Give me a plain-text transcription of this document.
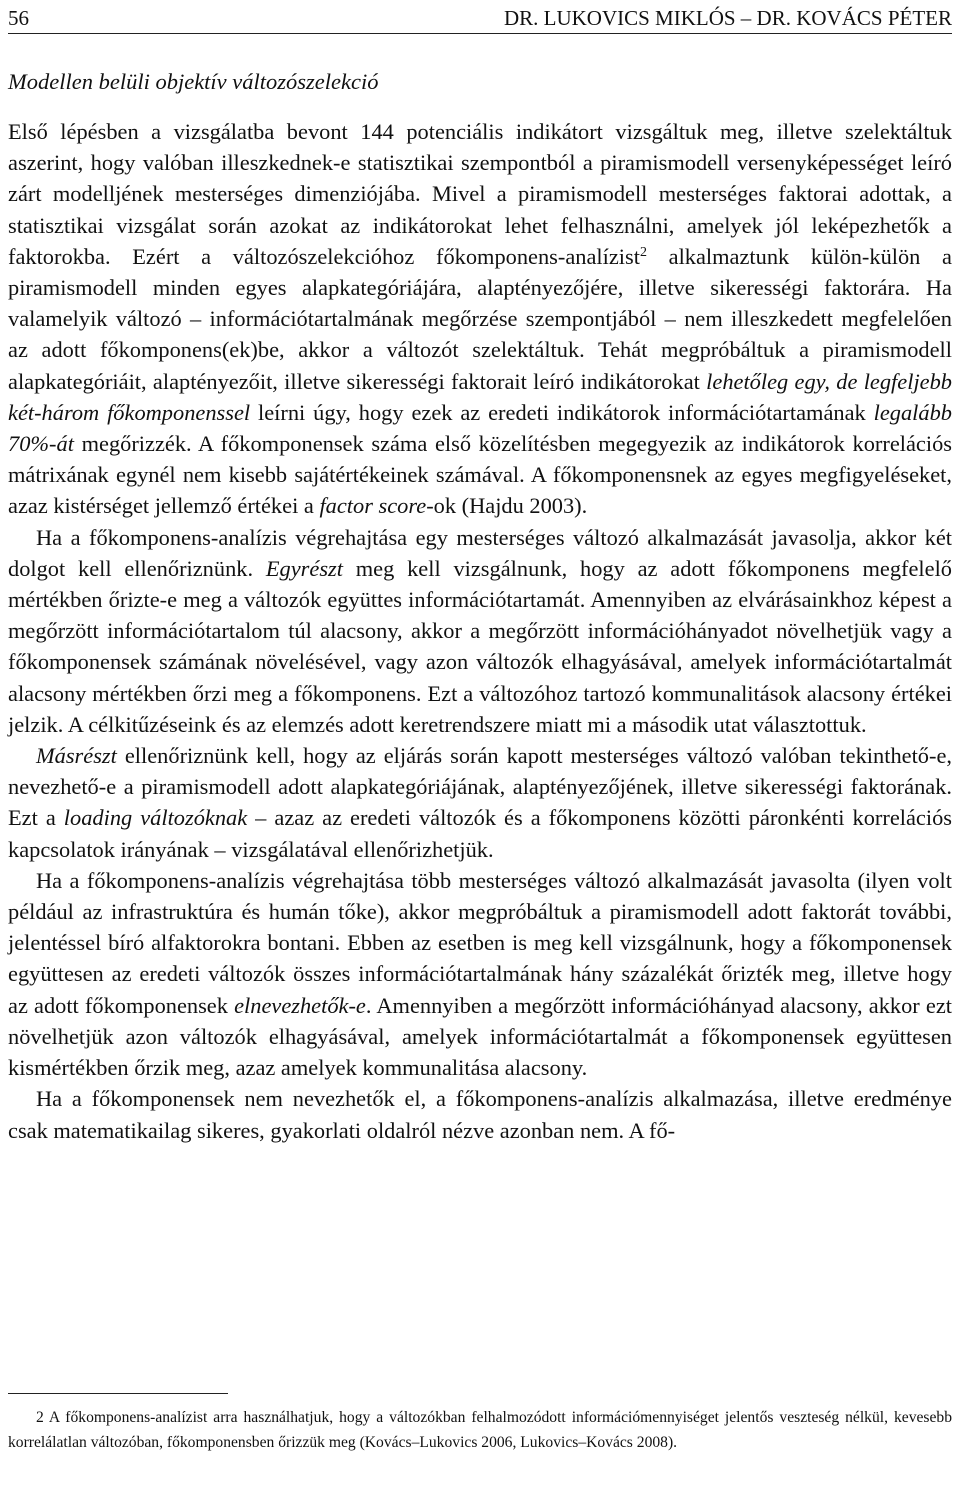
56	DR. LUKOVICS MIKLÓS – DR. KOVÁCS PÉTER
Modellen belüli objektív változószelekció

Első lépésben a vizsgálatba bevont 144 potenciális indikátort vizsgáltuk meg, illetve szelektáltuk aszerint, hogy valóban illeszkednek-e statisztikai szempontból a piramismodell versenyképességet leíró zárt modelljének mesterséges dimenziójába. Mivel a piramismodell mesterséges faktorai adottak, a statisztikai vizsgálat során azokat az indikátorokat lehet felhasználni, amelyek jól leképezhetők a faktorokba. Ezért a változószelekcióhoz főkomponens-analízist$^2$ alkalmaztunk külön-külön a piramismodell minden egyes alapkategóriájára, alaptényezőjére, illetve sikerességi faktorára. Ha valamelyik változó – információtartalmának megőrzése szempontjából – nem illeszkedett megfelelően az adott főkomponens(ek)be, akkor a változót szelektáltuk. Tehát megpróbáltuk a piramismodell alapkategóriáit, alaptényezőit, illetve sikerességi faktorait leíró indikátorokat lehetőleg egy, de legfeljebb két-három főkomponenssel leírni úgy, hogy ezek az eredeti indikátorok információtartamának legalább 70%-át megőrizzék. A főkomponensek száma első közelítésben megegyezik az indikátorok korrelációs mátrixának egynél nem kisebb sajátértékeinek számával. A főkomponensnek az egyes megfigyeléseket, azaz kistérséget jellemző értékei a factor score-ok (Hajdu 2003).

Ha a főkomponens-analízis végrehajtása egy mesterséges változó alkalmazását javasolja, akkor két dolgot kell ellenőriznünk. Egyrészt meg kell vizsgálnunk, hogy az adott főkomponens megfelelő mértékben őrizte-e meg a változók együttes információtartamát. Amennyiben az elvárásainkhoz képest a megőrzött információtartalom túl alacsony, akkor a megőrzött információhányadot növelhetjük vagy a főkomponensek számának növelésével, vagy azon változók elhagyásával, amelyek információtartalmát alacsony mértékben őrzi meg a főkomponens. Ezt a változóhoz tartozó kommunalitások alacsony értékei jelzik. A célkitűzéseink és az elemzés adott keretrendszere miatt mi a második utat választottuk.

Másrészt ellenőriznünk kell, hogy az eljárás során kapott mesterséges változó valóban tekinthető-e, nevezhető-e a piramismodell adott alapkategóriájának, alaptényezőjének, illetve sikerességi faktorának. Ezt a loading változóknak – azaz az eredeti változók és a főkomponens közötti páronkénti korrelációs kapcsolatok irányának – vizsgálatával ellenőrizhetjük.

Ha a főkomponens-analízis végrehajtása több mesterséges változó alkalmazását javasolta (ilyen volt például az infrastruktúra és humán tőke), akkor megpróbáltuk a piramismodell adott faktorát további, jelentéssel bíró alfaktorokra bontani. Ebben az esetben is meg kell vizsgálnunk, hogy a főkomponensek együttesen az eredeti változók összes információtartalmának hány százalékát őrizték meg, illetve hogy az adott főkomponensek elnevezhetők-e. Amennyiben a megőrzött információhányad alacsony, akkor ezt növelhetjük azon változók elhagyásával, amelyek információtartalmát a főkomponensek együttesen kismértékben őrzik meg, azaz amelyek kommunalitása alacsony.

Ha a főkomponensek nem nevezhetők el, a főkomponens-analízis alkalmazása, illetve eredménye csak matematikailag sikeres, gyakorlati oldalról nézve azonban nem. A fő-

2 A főkomponens-analízist arra használhatjuk, hogy a változókban felhalmozódott információmennyiséget jelentős veszteség nélkül, kevesebb korrelálatlan változóban, főkomponensben őrizzük meg (Kovács–Lukovics 2006, Lukovics–Kovács 2008).
